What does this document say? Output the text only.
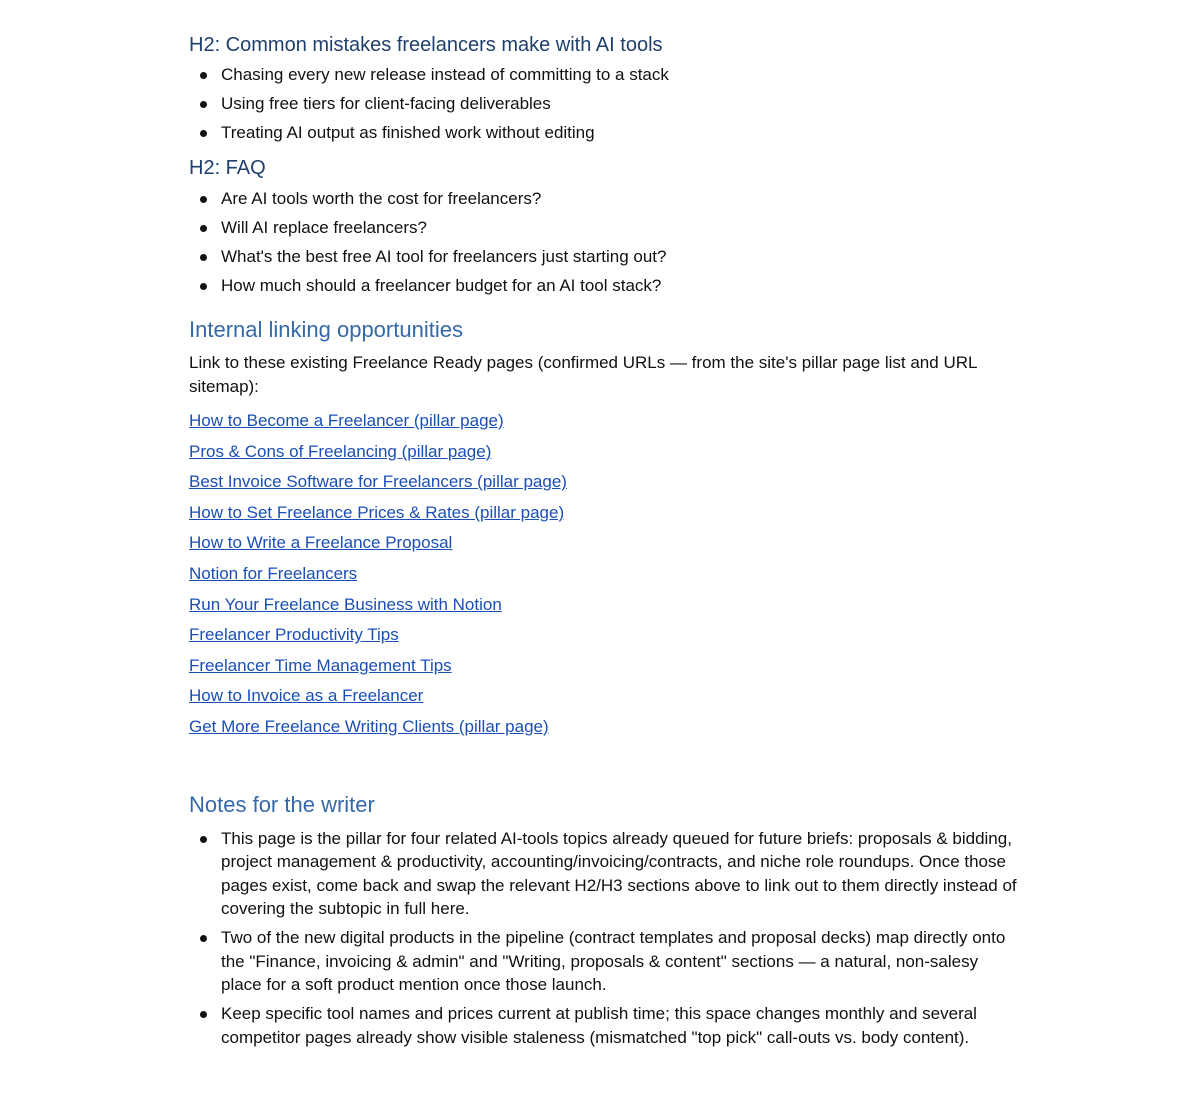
H2: Common mistakes freelancers make with AI tools
Chasing every new release instead of committing to a stack
Using free tiers for client-facing deliverables
Treating AI output as finished work without editing
H2: FAQ
Are AI tools worth the cost for freelancers?
Will AI replace freelancers?
What's the best free AI tool for freelancers just starting out?
How much should a freelancer budget for an AI tool stack?
Internal linking opportunities

Link to these existing Freelance Ready pages (confirmed URLs — from the site's pillar page list and URL sitemap):

How to Become a Freelancer (pillar page)
Pros & Cons of Freelancing (pillar page)
Best Invoice Software for Freelancers (pillar page)
How to Set Freelance Prices & Rates (pillar page)
How to Write a Freelance Proposal
Notion for Freelancers
Run Your Freelance Business with Notion
Freelancer Productivity Tips
Freelancer Time Management Tips
How to Invoice as a Freelancer
Get More Freelance Writing Clients (pillar page)
Notes for the writer
This page is the pillar for four related AI-tools topics already queued for future briefs: proposals & bidding, project management & productivity, accounting/invoicing/contracts, and niche role roundups. Once those pages exist, come back and swap the relevant H2/H3 sections above to link out to them directly instead of covering the subtopic in full here.
Two of the new digital products in the pipeline (contract templates and proposal decks) map directly onto the "Finance, invoicing & admin" and "Writing, proposals & content" sections — a natural, non-salesy place for a soft product mention once those launch.
Keep specific tool names and prices current at publish time; this space changes monthly and several competitor pages already show visible staleness (mismatched "top pick" call-outs vs. body content).
